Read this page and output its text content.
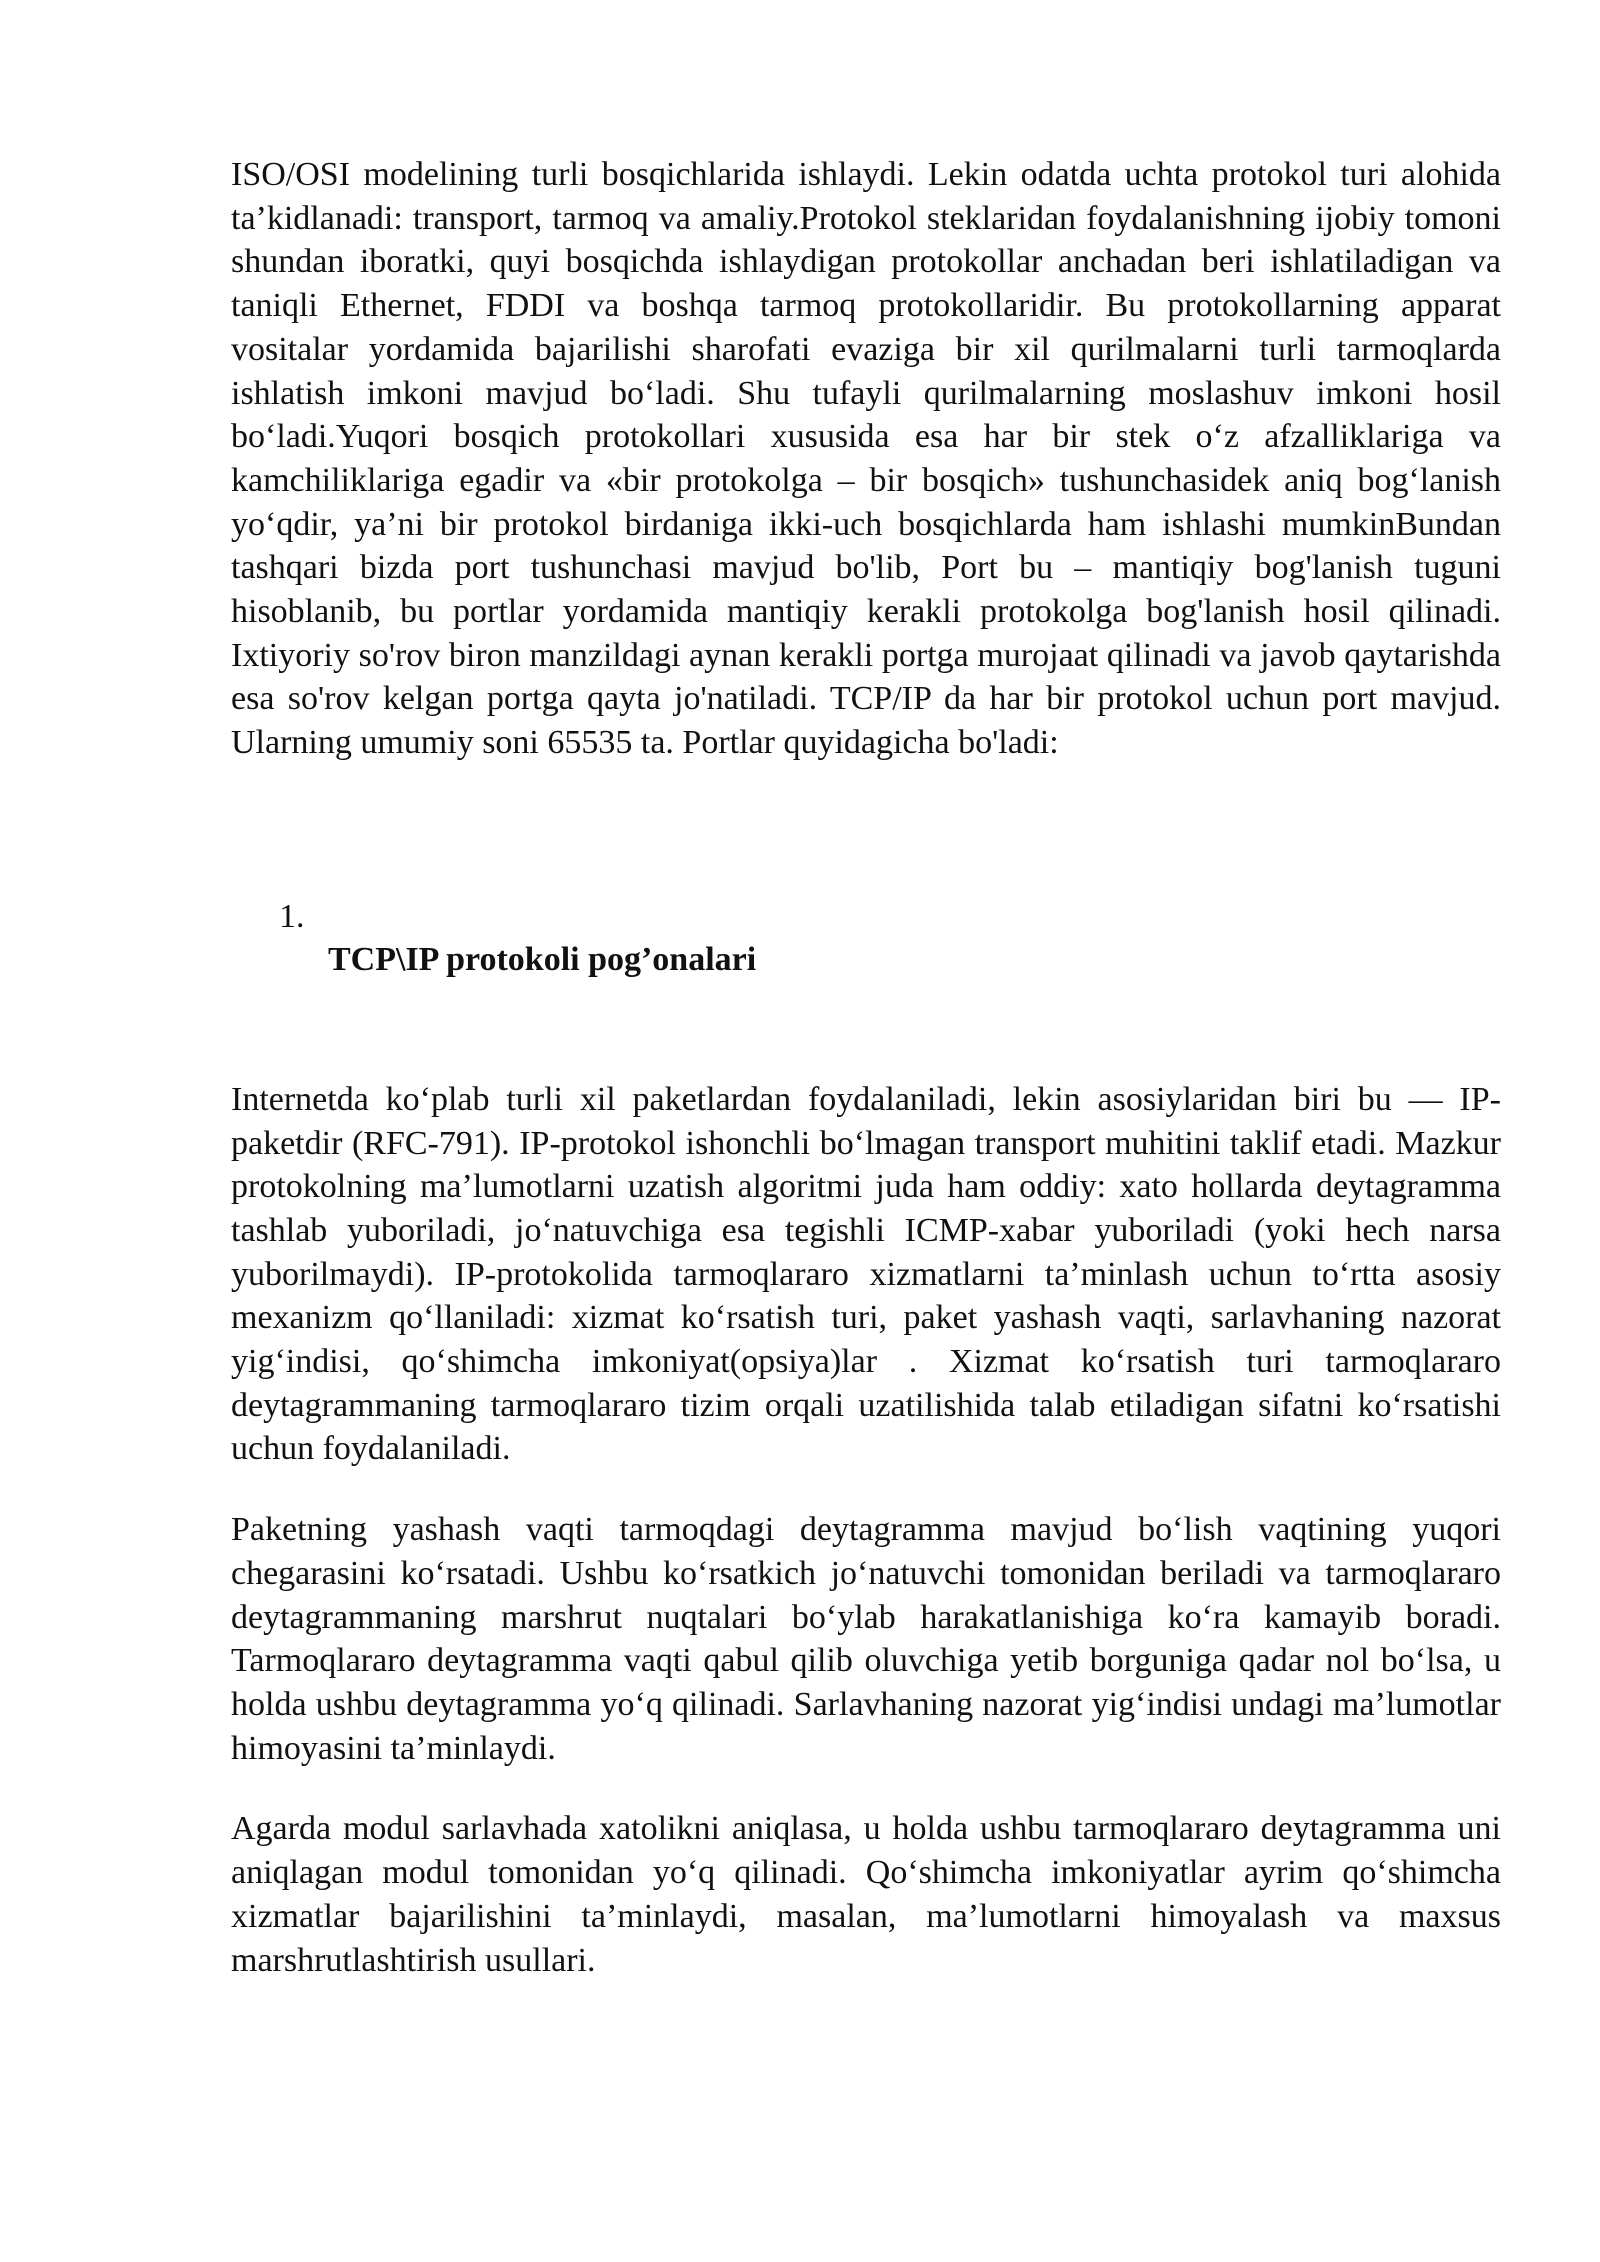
ISO/OSI modelining turli bosqichlarida ishlaydi. Lekin odatda uchta protokol turi alohida ta’kidlanadi: transport, tarmoq va amaliy.Protokol steklaridan foydalanishning ijobiy tomoni shundan iboratki, quyi bosqichda ishlaydigan protokollar anchadan beri ishlatiladigan va taniqli Ethernet, FDDI va boshqa tarmoq protokollaridir. Bu protokollarning apparat vositalar yordamida bajarilishi sharofati evaziga bir xil qurilmalarni turli tarmoqlarda ishlatish imkoni mavjud bo‘ladi. Shu tufayli qurilmalarning moslashuv imkoni hosil bo‘ladi.Yuqori bosqich protokollari xususida esa har bir stek o‘z afzalliklariga va kamchiliklariga egadir va «bir protokolga – bir bosqich» tushunchasidek aniq bog‘lanish yo‘qdir, ya’ni bir protokol birdaniga ikki-uch bosqichlarda ham ishlashi mumkinBundan tashqari bizda port tushunchasi mavjud bo'lib, Port bu – mantiqiy bog'lanish tuguni hisoblanib, bu portlar yordamida mantiqiy kerakli protokolga bog'lanish hosil qilinadi. Ixtiyoriy so'rov biron manzildagi aynan kerakli portga murojaat qilinadi va javob qaytarishda esa so'rov kelgan portga qayta jo'natiladi. TCP/IP da har bir protokol uchun port mavjud. Ularning umumiy soni 65535 ta. Portlar quyidagicha bo'ladi:

1.

TCP\IP protokoli pog’onalari

Internetda ko‘plab turli xil paketlardan foydalaniladi, lekin asosiylaridan biri bu — IP-paketdir (RFC-791). IP-protokol ishonchli bo‘lmagan transport muhitini taklif etadi. Mazkur protokolning ma’lumotlarni uzatish algoritmi juda ham oddiy: xato hollarda deytagramma tashlab yuboriladi, jo‘natuvchiga esa tegishli ICMP-xabar yuboriladi (yoki hech narsa yuborilmaydi). IP-protokolida tarmoqlararo xizmatlarni ta’minlash uchun to‘rtta asosiy mexanizm qo‘llaniladi: xizmat ko‘rsatish turi, paket yashash vaqti, sarlavhaning nazorat yig‘indisi, qo‘shimcha imkoniyat(opsiya)lar . Xizmat ko‘rsatish turi tarmoqlararo deytagrammaning tarmoqlararo tizim orqali uzatilishida talab etiladigan sifatni ko‘rsatishi uchun foydalaniladi.

Paketning yashash vaqti tarmoqdagi deytagramma mavjud bo‘lish vaqtining yuqori chegarasini ko‘rsatadi. Ushbu ko‘rsatkich jo‘natuvchi tomonidan beriladi va tarmoqlararo deytagrammaning marshrut nuqtalari bo‘ylab harakatlanishiga ko‘ra kamayib boradi. Tarmoqlararo deytagramma vaqti qabul qilib oluvchiga yetib borguniga qadar nol bo‘lsa, u holda ushbu deytagramma yo‘q qilinadi. Sarlavhaning nazorat yig‘indisi undagi ma’lumotlar himoyasini ta’minlaydi.

Agarda modul sarlavhada xatolikni aniqlasa, u holda ushbu tarmoqlararo deytagramma uni aniqlagan modul tomonidan yo‘q qilinadi. Qo‘shimcha imkoniyatlar ayrim qo‘shimcha xizmatlar bajarilishini ta’minlaydi, masalan, ma’lumotlarni himoyalash va maxsus marshrutlashtirish usullari.
